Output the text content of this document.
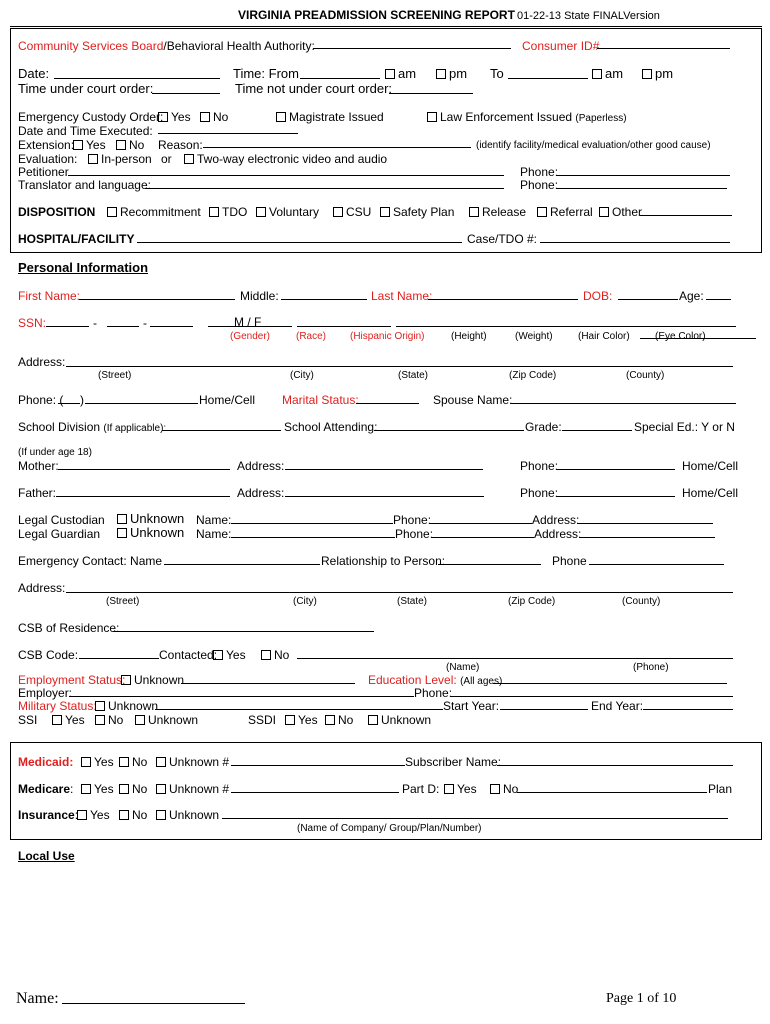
VIRGINIA PREADMISSION SCREENING REPORT 01-22-13 State FINALVersion
Community Services Board/Behavioral Health Authority:	Consumer ID#
Date:	Time: From	am	pm To	am	pm
Time under court order:	Time not under court order:
Emergency Custody Order: Yes	No	Magistrate Issued	Law Enforcement Issued (Paperless)
Date and Time Executed:
Extension: Yes	No Reason:	(identify facility/medical evaluation/other good cause)
Evaluation:	In-person or	Two-way electronic video and audio
Petitioner	Phone:
Translator and language:	Phone:
DISPOSITION	Recommitment	TDO	Voluntary	CSU	Safety Plan	Release	Referral	Other
HOSPITAL/FACILITY	Case/TDO #:
Personal Information
First Name:	Middle:	Last Name:	DOB:	Age:
SSN:	-	-	M / F
(Gender)	(Race) (Hispanic Origin)	(Height)	(Weight)	(Hair Color)	(Eye Color)
Address:
(Street)	(City)	(State)	(Zip Code)	(County)
Phone: ( )	Home/Cell Marital Status:	Spouse Name:
School Division (If applicable):	School Attending:	Grade:	Special Ed.: Y or N
(If under age 18)
Mother:	Address:	Phone:	Home/Cell
Father:	Address:	Phone:	Home/Cell
Legal Custodian	Unknown Name:	Phone:	Address:
Legal Guardian	Unknown Name:	Phone:	Address:
Emergency Contact: Name	Relationship to Person:	Phone
Address:
(Street)	(City)	(State)	(Zip Code)	(County)
CSB of Residence:
CSB Code:	Contacted: Yes	No
(Name)	(Phone)
Employment Status: Unknown	Education Level: (All ages)
Employer:	Phone:
Military Status: Unknown	Start Year:	End Year:
SSI	Yes	No	Unknown	SSDI	Yes	No	Unknown
Medicaid:	Yes	No	Unknown #	Subscriber Name:
Medicare:	Yes	No	Unknown #	Part D:	Yes	No	Plan
Insurance: Yes	No	Unknown
(Name of Company/ Group/Plan/Number)
Local Use
Name:	Page 1 of 10
